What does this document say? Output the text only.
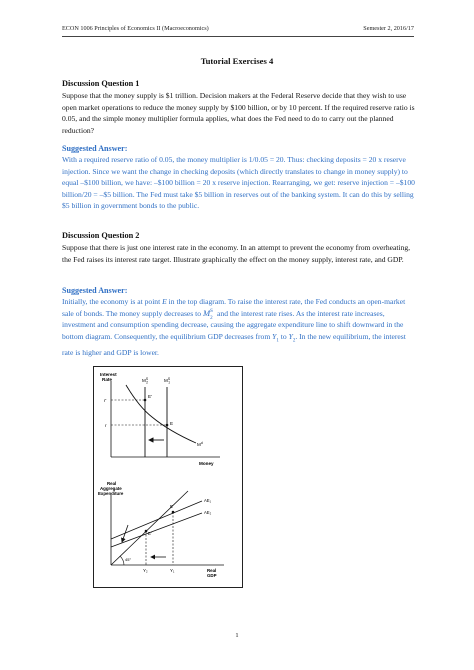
ECON 1006 Principles of Economics II (Macroeconomics)	Semester 2, 2016/17
Tutorial Exercises 4
Discussion Question 1
Suppose that the money supply is $1 trillion. Decision makers at the Federal Reserve decide that they wish to use open market operations to reduce the money supply by $100 billion, or by 10 percent. If the required reserve ratio is 0.05, and the simple money multiplier formula applies, what does the Fed need to do to carry out the planned reduction?
Suggested Answer:
With a required reserve ratio of 0.05, the money multiplier is 1/0.05 = 20. Thus: checking deposits = 20 x reserve injection. Since we want the change in checking deposits (which directly translates to change in money supply) to equal –$100 billion, we have: –$100 billion = 20 x reserve injection. Rearranging, we get: reserve injection = –$100 billion/20 = –$5 billion. The Fed must take $5 billion in reserves out of the banking system. It can do this by selling $5 billion in government bonds to the public.
Discussion Question 2
Suppose that there is just one interest rate in the economy. In an attempt to prevent the economy from overheating, the Fed raises its interest rate target. Illustrate graphically the effect on the money supply, interest rate, and GDP.
Suggested Answer:
Initially, the economy is at point E in the top diagram. To raise the interest rate, the Fed conducts an open-market sale of bonds. The money supply decreases to M S
2
and the interest rate rises. As the interest rate increases, investment and consumption spending decrease, causing the aggregate expenditure line to shift downward in the bottom diagram. Consequently, the equilibrium GDP decreases from $Y_1$ to $Y_2$. In the new equilibrium, the interest rate is higher and GDP is lower.
Interest
Rate
Money
$M^S$ 2	$M^S$ 1
$M^d$
r'
r
E'
E
Real
Aggregate
Expenditure
Real
GDP
45°
AE₁
AE₂
E
E'
Y₂	Y₁
1
